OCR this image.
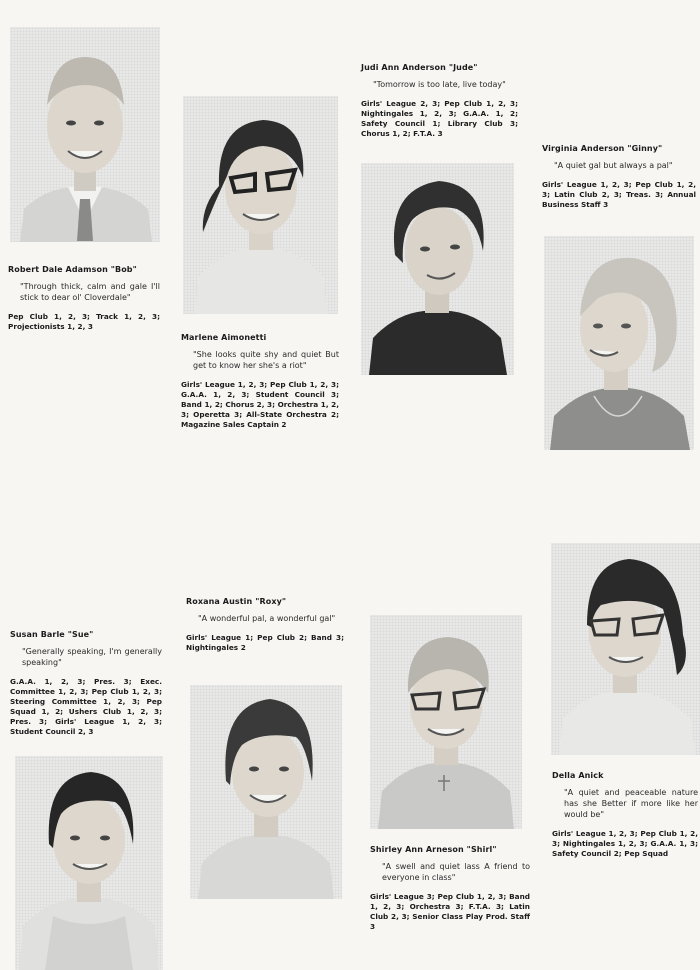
Robert Dale Adamson "Bob"
"Through thick, calm and gale I'll stick to dear ol' Cloverdale"
Pep Club 1, 2, 3; Track 1, 2, 3; Projectionists 1, 2, 3
Marlene Aimonetti
"She looks quite shy and quiet But get to know her she's a riot"
Girls' League 1, 2, 3; Pep Club 1, 2, 3; G.A.A. 1, 2, 3; Student Council 3; Band 1, 2; Chorus 2, 3; Orchestra 1, 2, 3; Operetta 3; All-State Orchestra 2; Magazine Sales Captain 2
Judi Ann Anderson "Jude"
"Tomorrow is too late, live today"
Girls' League 2, 3; Pep Club 1, 2, 3; Nightingales 1, 2, 3; G.A.A. 1, 2; Safety Council 1; Library Club 3; Chorus 1, 2; F.T.A. 3
Virginia Anderson "Ginny"
"A quiet gal but always a pal"
Girls' League 1, 2, 3; Pep Club 1, 2, 3; Latin Club 2, 3; Treas. 3; Annual Business Staff 3
Susan Barle "Sue"
"Generally speaking, I'm generally speaking"
G.A.A. 1, 2, 3; Pres. 3; Exec. Committee 1, 2, 3; Pep Club 1, 2, 3; Steering Committee 1, 2, 3; Pep Squad 1, 2; Ushers Club 1, 2, 3; Pres. 3; Girls' League 1, 2, 3; Student Council 2, 3
Roxana Austin "Roxy"
"A wonderful pal, a wonderful gal"
Girls' League 1; Pep Club 2; Band 3; Nightingales 2
Shirley Ann Arneson "Shirl"
"A swell and quiet lass A friend to everyone in class"
Girls' League 3; Pep Club 1, 2, 3; Band 1, 2, 3; Orchestra 3; F.T.A. 3; Latin Club 2, 3; Senior Class Play Prod. Staff 3
Della Anick
"A quiet and peaceable nature has she Better if more like her would be"
Girls' League 1, 2, 3; Pep Club 1, 2, 3; Nightingales 1, 2, 3; G.A.A. 1, 3; Safety Council 2; Pep Squad
